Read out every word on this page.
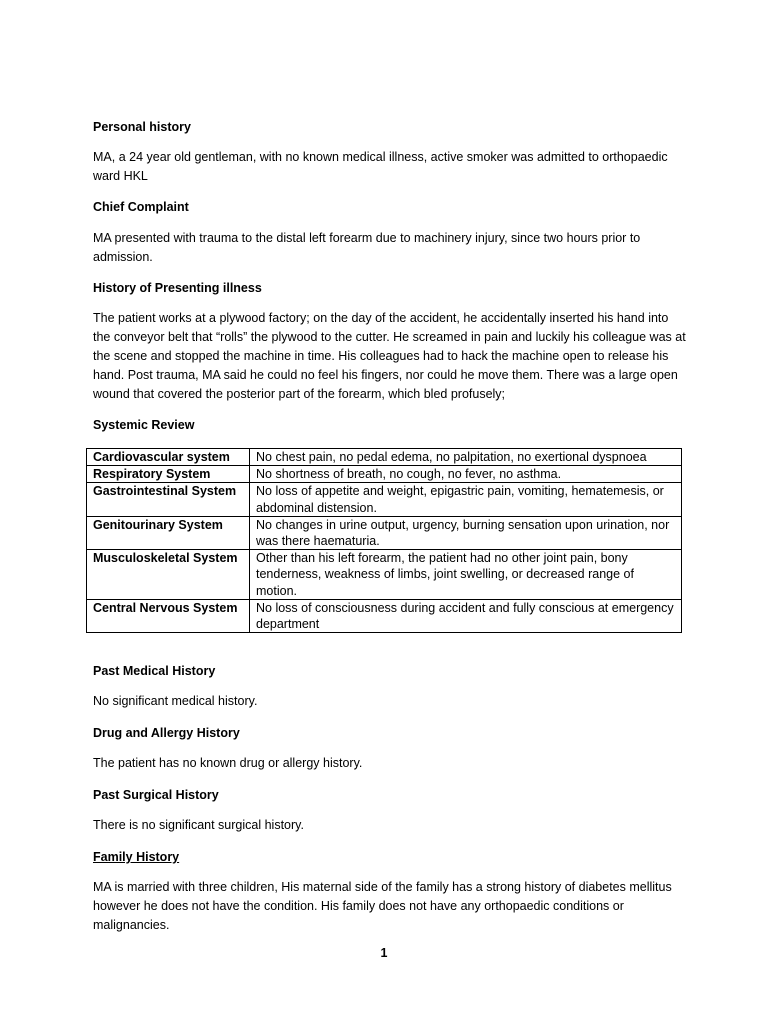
Personal history
MA, a 24 year old gentleman, with no known medical illness, active smoker was admitted to orthopaedic ward HKL
Chief Complaint
MA presented with trauma to the distal left forearm due to machinery injury, since two hours prior to admission.
History of Presenting illness
The patient works at a plywood factory; on the day of the accident, he accidentally inserted his hand into the conveyor belt that “rolls” the plywood to the cutter. He screamed in pain and luckily his colleague was at the scene and stopped the machine in time. His colleagues had to hack the machine open to release his hand. Post trauma, MA said he could no feel his fingers, nor could he move them. There was a large open wound that covered the posterior part of the forearm, which bled profusely;
Systemic Review
Cardiovascular system	No chest pain, no pedal edema, no palpitation, no exertional dyspnoea
Respiratory System	No shortness of breath, no cough, no fever, no asthma.
Gastrointestinal System	No loss of appetite and weight, epigastric pain, vomiting, hematemesis, or abdominal distension.
Genitourinary System	No changes in urine output, urgency, burning sensation upon urination, nor was there haematuria.
Musculoskeletal System	Other than his left forearm, the patient had no other joint pain, bony tenderness, weakness of limbs, joint swelling, or decreased range of motion.
Central Nervous System	No loss of consciousness during accident and fully conscious at emergency department
Past Medical History
No significant medical history.
Drug and Allergy History
The patient has no known drug or allergy history.
Past Surgical History
There is no significant surgical history.
Family History
MA is married with three children, His maternal side of the family has a strong history of diabetes mellitus however he does not have the condition. His family does not have any orthopaedic conditions or malignancies.
1
